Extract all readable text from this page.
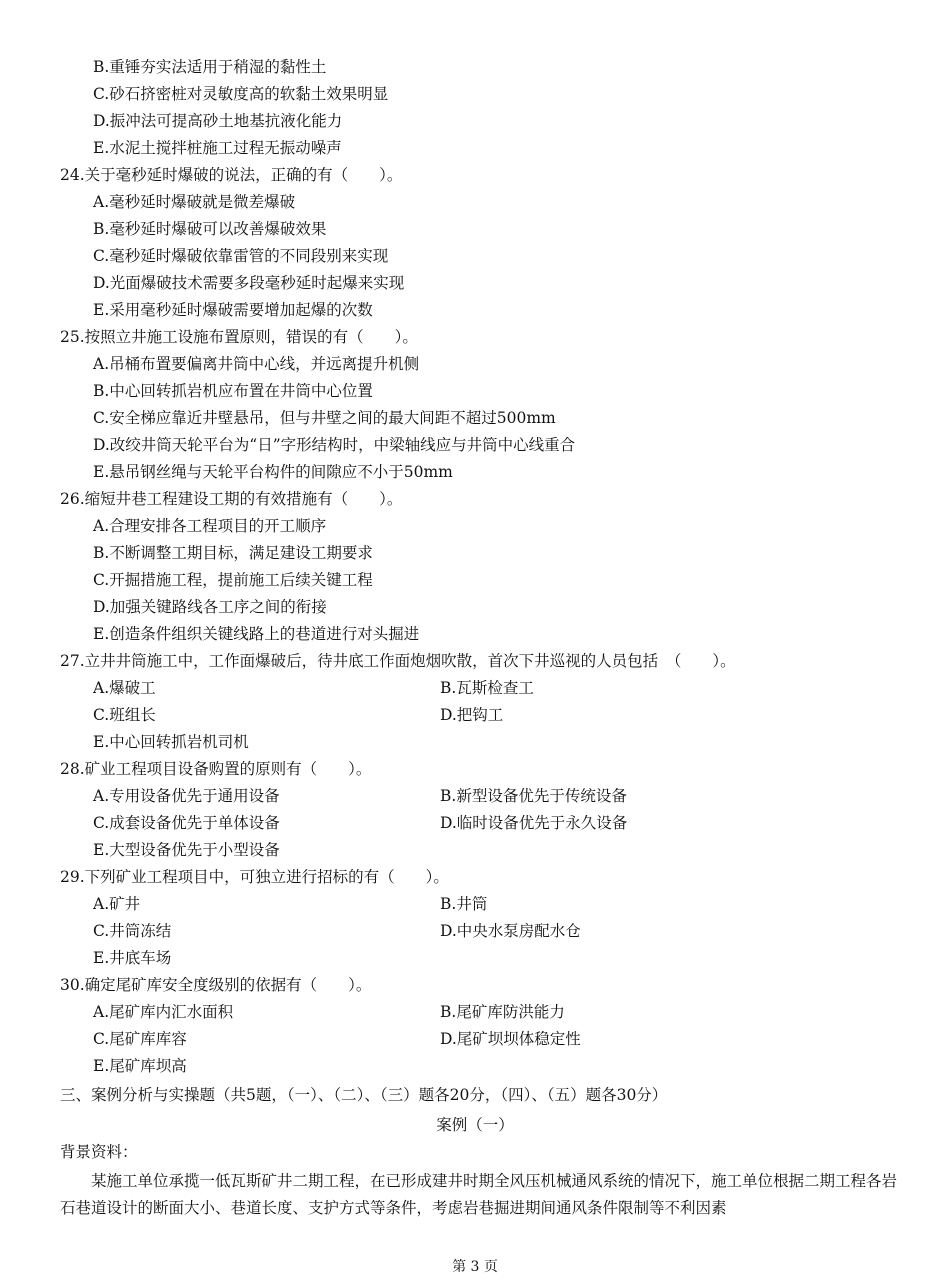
B.重锤夯实法适用于稍湿的黏性土
C.砂石挤密桩对灵敏度高的软黏土效果明显
D.振冲法可提高砂土地基抗液化能力
E.水泥土搅拌桩施工过程无振动噪声
24.关于毫秒延时爆破的说法，正确的有（　　）。
A.毫秒延时爆破就是微差爆破
B.毫秒延时爆破可以改善爆破效果
C.毫秒延时爆破依靠雷管的不同段别来实现
D.光面爆破技术需要多段毫秒延时起爆来实现
E.采用毫秒延时爆破需要增加起爆的次数
25.按照立井施工设施布置原则，错误的有（　　）。
A.吊桶布置要偏离井筒中心线，并远离提升机侧
B.中心回转抓岩机应布置在井筒中心位置
C.安全梯应靠近井壁悬吊，但与井壁之间的最大间距不超过500mm
D.改绞井筒天轮平台为“日”字形结构时，中梁轴线应与井筒中心线重合
E.悬吊钢丝绳与天轮平台构件的间隙应不小于50mm
26.缩短井巷工程建设工期的有效措施有（　　）。
A.合理安排各工程项目的开工顺序
B.不断调整工期目标，满足建设工期要求
C.开掘措施工程，提前施工后续关键工程
D.加强关键路线各工序之间的衔接
E.创造条件组织关键线路上的巷道进行对头掘进
27.立井井筒施工中，工作面爆破后，待井底工作面炮烟吹散，首次下井巡视的人员包括　（　　）。
A.爆破工	B.瓦斯检查工
C.班组长	D.把钩工
E.中心回转抓岩机司机
28.矿业工程项目设备购置的原则有（　　）。
A.专用设备优先于通用设备	B.新型设备优先于传统设备
C.成套设备优先于单体设备	D.临时设备优先于永久设备
E.大型设备优先于小型设备
29.下列矿业工程项目中，可独立进行招标的有（　　）。
A.矿井	B.井筒
C.井筒冻结	D.中央水泵房配水仓
E.井底车场
30.确定尾矿库安全度级别的依据有（　　）。
A.尾矿库内汇水面积	B.尾矿库防洪能力
C.尾矿库库容	D.尾矿坝坝体稳定性
E.尾矿库坝高
三、案例分析与实操题（共5题，（一）、（二）、（三）题各20分，（四）、（五）题各30分）
案例（一）
背景资料：
某施工单位承揽一低瓦斯矿井二期工程，在已形成建井时期全风压机械通风系统的情况下，施工单位根据二期工程各岩石巷道设计的断面大小、巷道长度、支护方式等条件，考虑岩巷掘进期间通风条件限制等不利因素
第 3 页
